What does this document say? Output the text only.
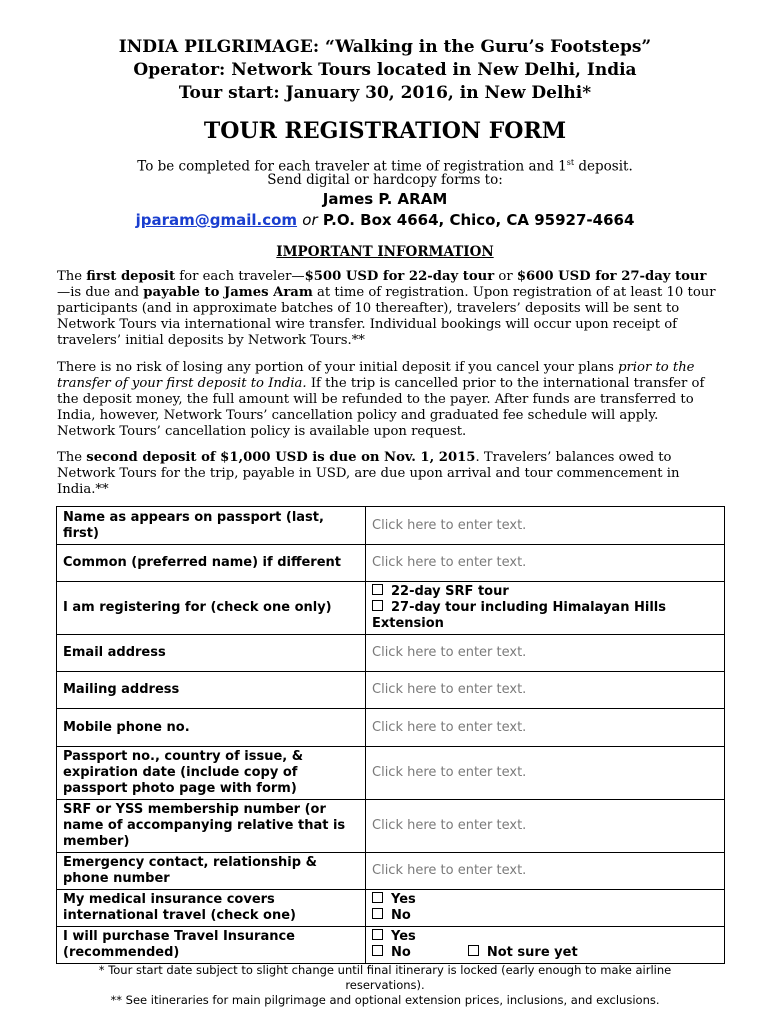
INDIA PILGRIMAGE: “Walking in the Guru’s Footsteps”
Operator: Network Tours located in New Delhi, India
Tour start: January 30, 2016, in New Delhi*
TOUR REGISTRATION FORM
To be completed for each traveler at time of registration and 1st deposit.
Send digital or hardcopy forms to:
James P. ARAM
jparam@gmail.com or P.O. Box 4664, Chico, CA 95927-4664
IMPORTANT INFORMATION

The first deposit for each traveler—$500 USD for 22-day tour or $600 USD for 27-day tour—is due and payable to James Aram at time of registration. Upon registration of at least 10 tour participants (and in approximate batches of 10 thereafter), travelers’ deposits will be sent to Network Tours via international wire transfer. Individual bookings will occur upon receipt of travelers’ initial deposits by Network Tours.**

There is no risk of losing any portion of your initial deposit if you cancel your plans prior to the transfer of your first deposit to India. If the trip is cancelled prior to the international transfer of the deposit money, the full amount will be refunded to the payer. After funds are transferred to India, however, Network Tours’ cancellation policy and graduated fee schedule will apply. Network Tours’ cancellation policy is available upon request.

The second deposit of $1,000 USD is due on Nov. 1, 2015. Travelers’ balances owed to Network Tours for the trip, payable in USD, are due upon arrival and tour commencement in India.**

Name as appears on passport (last, first)	Click here to enter text.
Common (preferred name) if different	Click here to enter text.
I am registering for (check one only)	22-day SRF tour
27-day tour including Himalayan Hills Extension

Email address	Click here to enter text.
Mailing address	Click here to enter text.
Mobile phone no.	Click here to enter text.
Passport no., country of issue, & expiration date (include copy of passport photo page with form)	Click here to enter text.
SRF or YSS membership number (or name of accompanying relative that is member)	Click here to enter text.
Emergency contact, relationship & phone number	Click here to enter text.
My medical insurance covers international travel (check one)	Yes
No

I will purchase Travel Insurance (recommended)	Yes
No Not sure yet
* Tour start date subject to slight change until final itinerary is locked (early enough to make airline reservations).
** See itineraries for main pilgrimage and optional extension prices, inclusions, and exclusions.
